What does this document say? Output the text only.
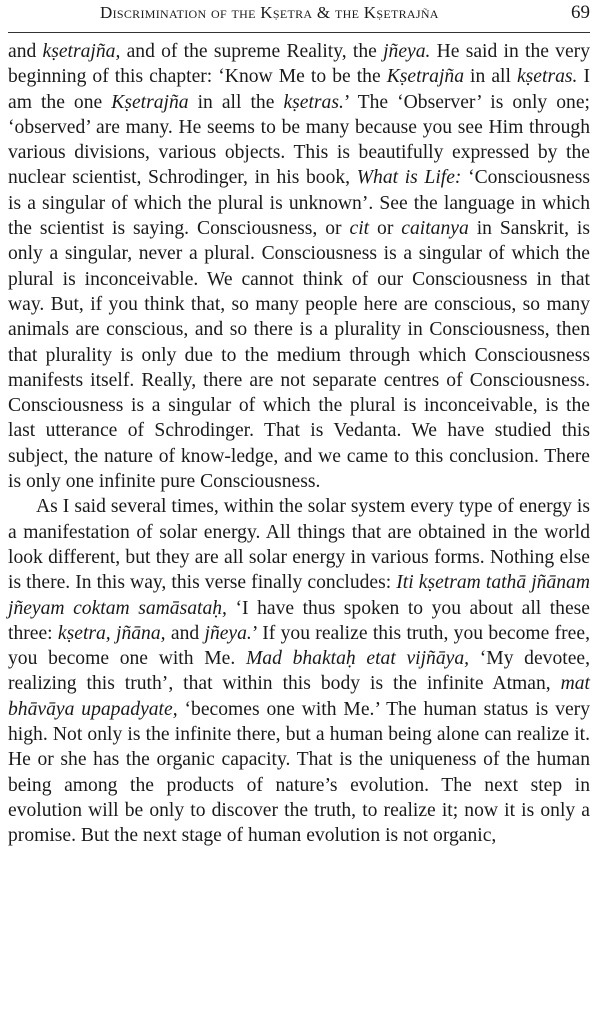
Discrimination of the Kṣetra & the Kṣetrajña	69

and kṣetrajña, and of the supreme Reality, the jñeya. He said in the very beginning of this chapter: ‘Know Me to be the Kṣetrajña in all kṣetras. I am the one Kṣetrajña in all the kṣetras.’ The ‘Observer’ is only one; ‘observed’ are many. He seems to be many because you see Him through various divisions, various objects. This is beautifully expressed by the nuclear scientist, Schrodinger, in his book, What is Life: ‘Consciousness is a singular of which the plural is unknown’. See the language in which the scientist is saying. Consciousness, or cit or caitanya in Sanskrit, is only a singular, never a plural. Consciousness is a singular of which the plural is inconceivable. We cannot think of our Consciousness in that way. But, if you think that, so many people here are conscious, so many animals are conscious, and so there is a plurality in Consciousness, then that plurality is only due to the medium through which Consciousness manifests itself. Really, there are not separate centres of Consciousness. Consciousness is a singular of which the plural is inconceivable, is the last utterance of Schrodinger. That is Vedanta. We have studied this subject, the nature of know-ledge, and we came to this conclusion. There is only one infinite pure Consciousness.

As I said several times, within the solar system every type of energy is a manifestation of solar energy. All things that are obtained in the world look different, but they are all solar energy in various forms. Nothing else is there. In this way, this verse finally concludes: Iti kṣetram tathā jñānam jñeyam coktam samāsataḥ, ‘I have thus spoken to you about all these three: kṣetra, jñāna, and jñeya.’ If you realize this truth, you become free, you become one with Me. Mad bhaktaḥ etat vijñāya, ‘My devotee, realizing this truth’, that within this body is the infinite Atman, mat bhāvāya upapadyate, ‘becomes one with Me.’ The human status is very high. Not only is the infinite there, but a human being alone can realize it. He or she has the organic capacity. That is the uniqueness of the human being among the products of nature’s evolution. The next step in evolution will be only to discover the truth, to realize it; now it is only a promise. But the next stage of human evolution is not organic,
